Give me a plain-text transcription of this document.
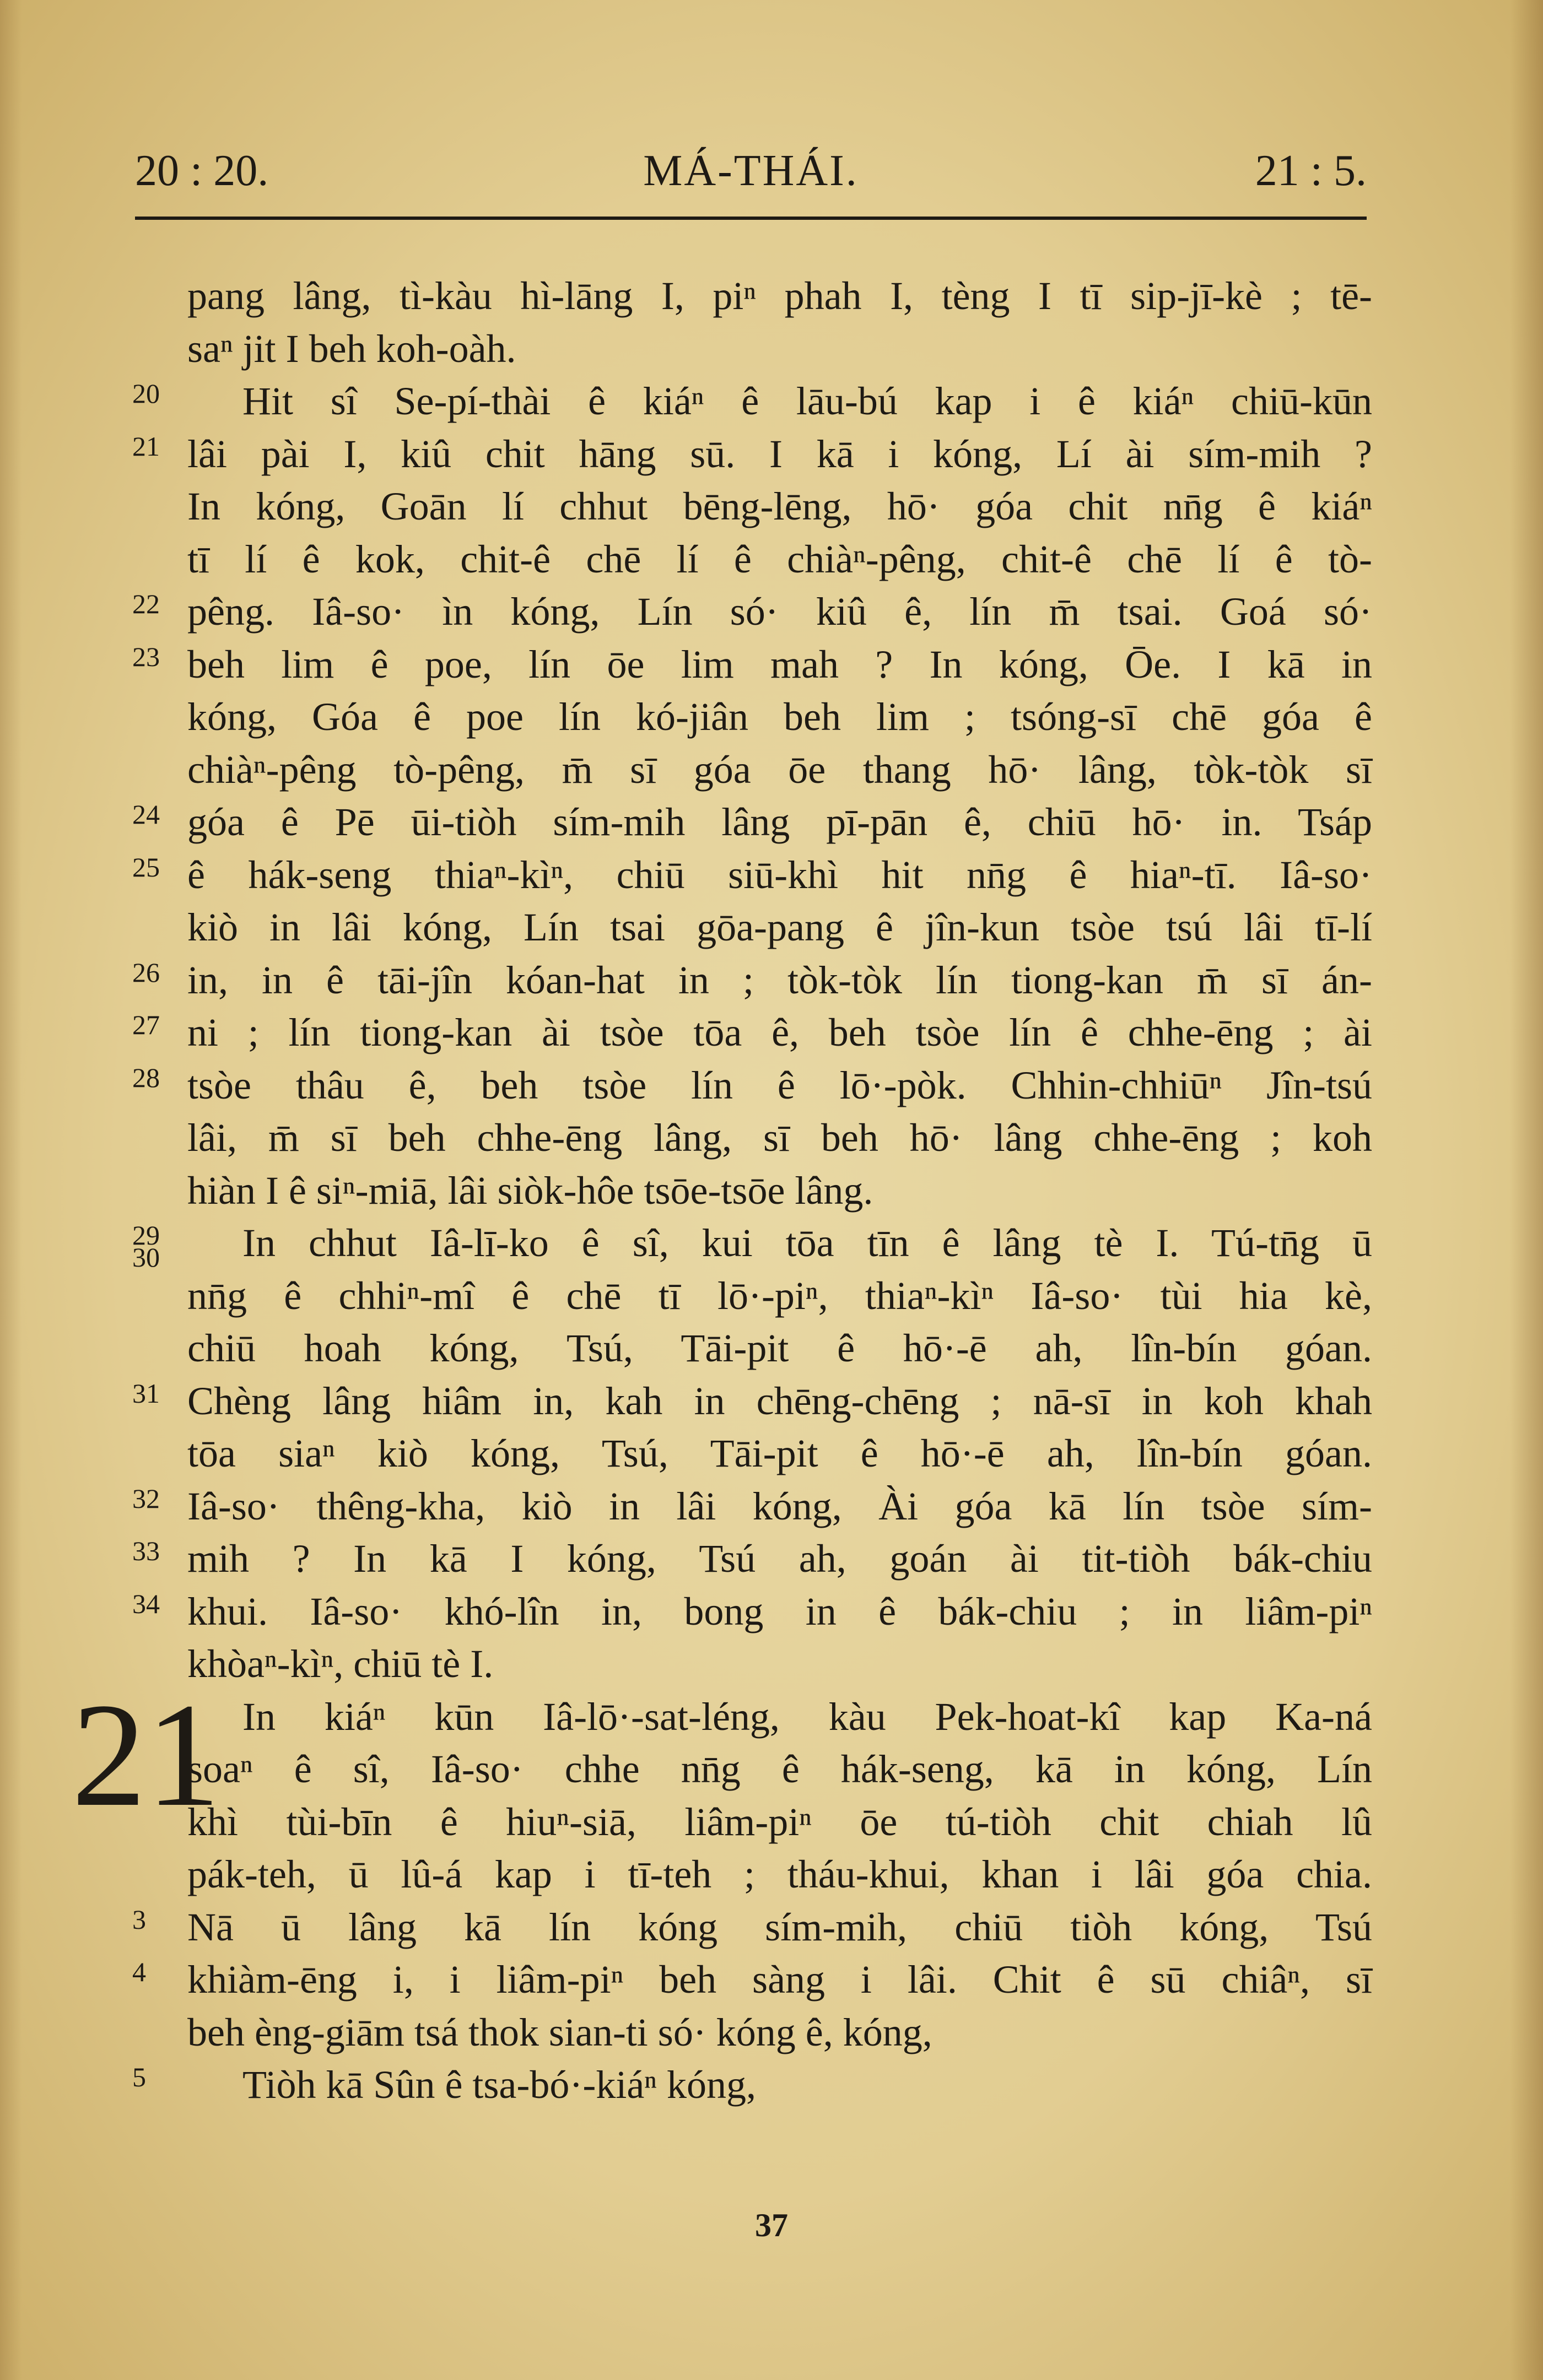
20 : 20.	MÁ-THÁI.	21 : 5.
pang lâng, tì-kàu hì-lāng I, piⁿ phah I, tèng I tī sip-jī-kè ; tē-
saⁿ jit I beh koh-oàh.
20	Hit sî Se-pí-thài ê kiáⁿ ê lāu-bú kap i ê kiáⁿ chiū-kūn
21 lâi pài I, kiû chit hāng sū. I kā i kóng, Lí ài sím-mih ?
In kóng, Goān lí chhut bēng-lēng, hō· góa chit nn̄g ê kiáⁿ
tī lí ê kok, chit-ê chē lí ê chiàⁿ-pêng, chit-ê chē lí ê tò-
22 pêng. Iâ-so· ìn kóng, Lín só· kiû ê, lín m̄ tsai. Goá só·
23 beh lim ê poe, lín ōe lim mah ? In kóng, Ōe. I kā in
kóng, Góa ê poe lín kó-jiân beh lim ; tsóng-sī chē góa ê
chiàⁿ-pêng tò-pêng, m̄ sī góa ōe thang hō· lâng, tòk-tòk sī
24 góa ê Pē ūi-tiòh sím-mih lâng pī-pān ê, chiū hō· in. Tsáp
25 ê hák-seng thiaⁿ-kìⁿ, chiū siū-khì hit nn̄g ê hiaⁿ-tī. Iâ-so·
kiò in lâi kóng, Lín tsai gōa-pang ê jîn-kun tsòe tsú lâi tī-lí
26 in, in ê tāi-jîn kóan-hat in ; tòk-tòk lín tiong-kan m̄ sī án-
27 ni ; lín tiong-kan ài tsòe tōa ê, beh tsòe lín ê chhe-ēng ; ài
28 tsòe thâu ê, beh tsòe lín ê lō·-pòk. Chhin-chhiūⁿ Jîn-tsú
lâi, m̄ sī beh chhe-ēng lâng, sī beh hō· lâng chhe-ēng ; koh
hiàn I ê siⁿ-miā, lâi siòk-hôe tsōe-tsōe lâng.
29
30	In chhut Iâ-lī-ko ê sî, kui tōa tīn ê lâng tè I. Tú-tn̄g ū
nn̄g ê chhiⁿ-mî ê chē tī lō·-piⁿ, thiaⁿ-kìⁿ Iâ-so· tùi hia kè,
chiū hoah kóng, Tsú, Tāi-pit ê hō·-ē ah, lîn-bín góan.
31 Chèng lâng hiâm in, kah in chēng-chēng ; nā-sī in koh khah
tōa siaⁿ kiò kóng, Tsú, Tāi-pit ê hō·-ē ah, lîn-bín góan.
32 Iâ-so· thêng-kha, kiò in lâi kóng, Ài góa kā lín tsòe sím-
33 mih ? In kā I kóng, Tsú ah, goán ài tit-tiòh bák-chiu
34 khui. Iâ-so· khó-lîn in, bong in ê bák-chiu ; in liâm-piⁿ
khòaⁿ-kìⁿ, chiū tè I.
21 In kiáⁿ kūn Iâ-lō·-sat-léng, kàu Pek-hoat-kî kap Ka-ná
soaⁿ ê sî, Iâ-so· chhe nn̄g ê hák-seng, kā in kóng, Lín
khì tùi-bīn ê hiuⁿ-siā, liâm-piⁿ ōe tú-tiòh chit chiah lû
pák-teh, ū lû-á kap i tī-teh ; tháu-khui, khan i lâi góa chia.
3	Nā ū lâng kā lín kóng sím-mih, chiū tiòh kóng, Tsú
4	khiàm-ēng i, i liâm-piⁿ beh sàng i lâi. Chit ê sū chiâⁿ, sī
beh èng-giām tsá thok sian-ti só· kóng ê, kóng,
5	Tiòh kā Sûn ê tsa-bó·-kiáⁿ kóng,
37
